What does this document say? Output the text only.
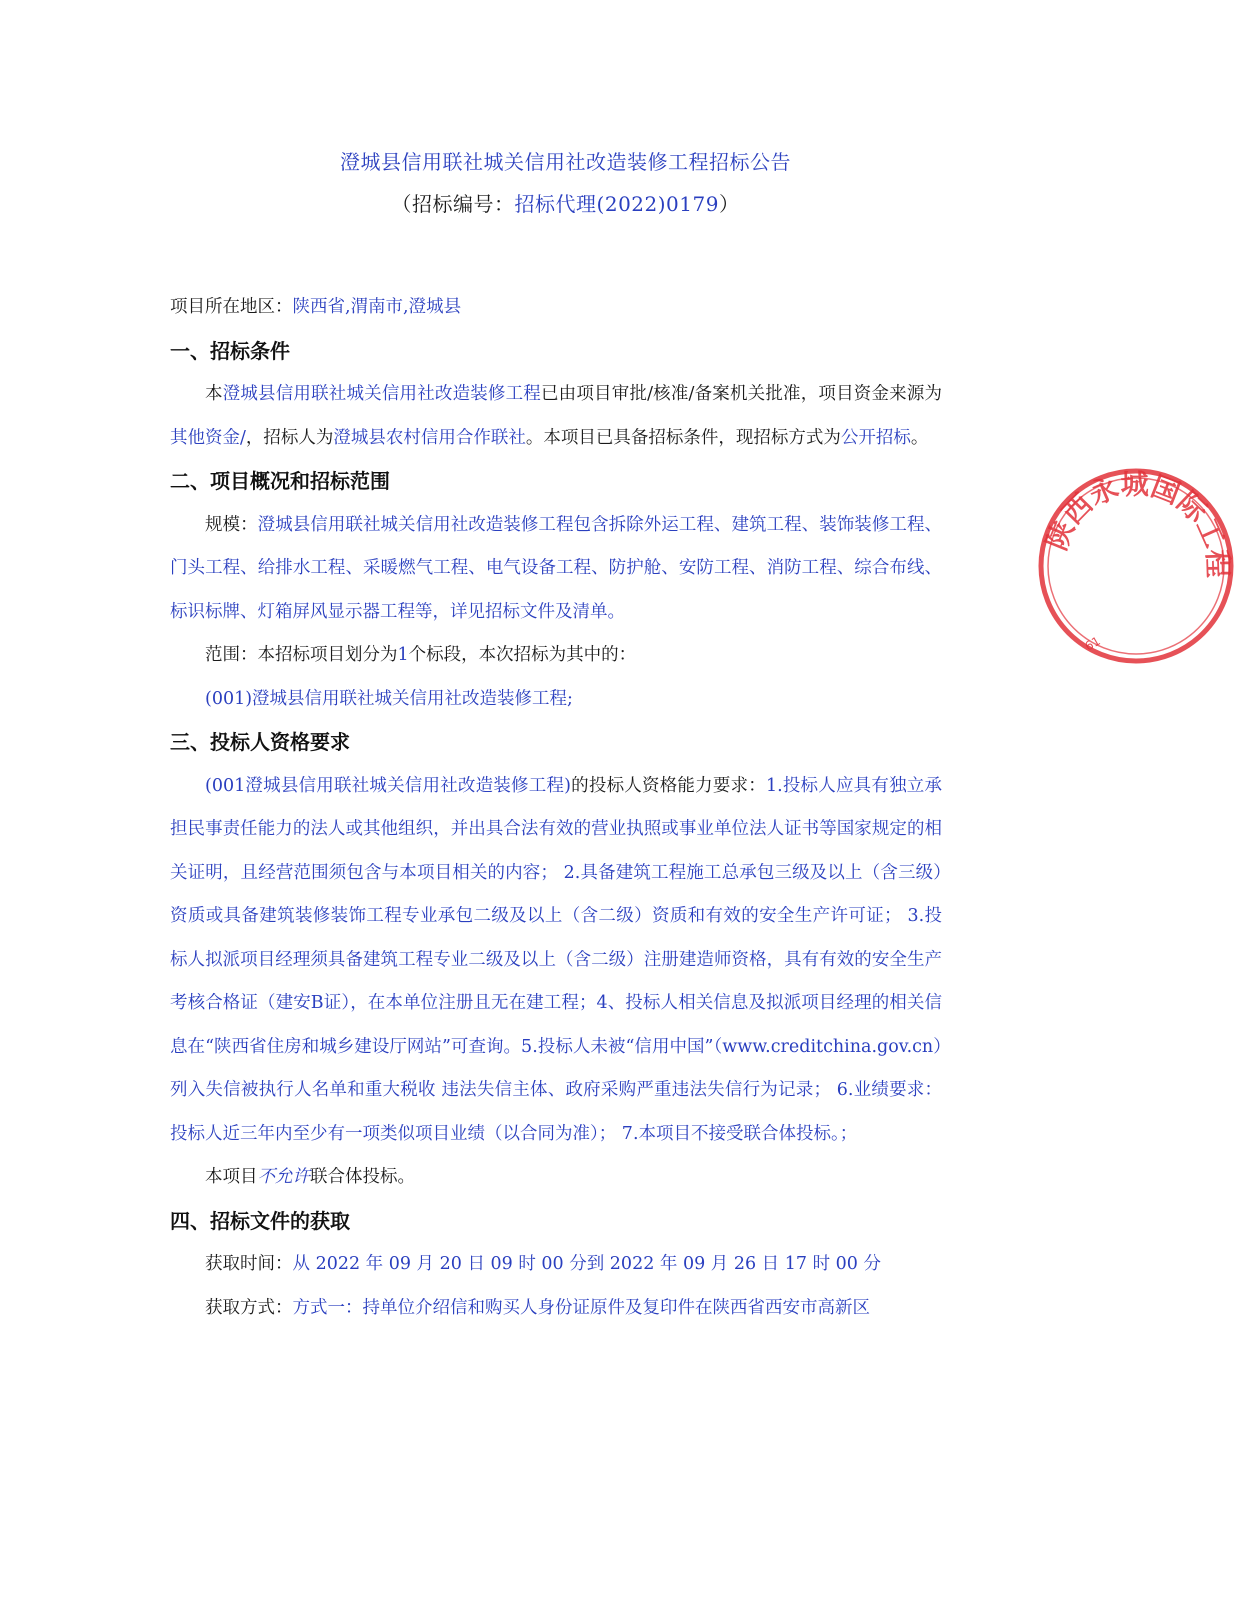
澄城县信用联社城关信用社改造装修工程招标公告
（招标编号：招标代理(2022)0179）

项目所在地区：陕西省,渭南市,澄城县

一、招标条件

本澄城县信用联社城关信用社改造装修工程已由项目审批/核准/备案机关批准，项目资金来源为其他资金/，招标人为澄城县农村信用合作联社。本项目已具备招标条件，现招标方式为公开招标。

二、项目概况和招标范围

规模：澄城县信用联社城关信用社改造装修工程包含拆除外运工程、建筑工程、装饰装修工程、门头工程、给排水工程、采暖燃气工程、电气设备工程、防护舱、安防工程、消防工程、综合布线、标识标牌、灯箱屏风显示器工程等，详见招标文件及清单。

范围：本招标项目划分为1个标段，本次招标为其中的：

(001)澄城县信用联社城关信用社改造装修工程;

三、投标人资格要求

(001澄城县信用联社城关信用社改造装修工程)的投标人资格能力要求：1.投标人应具有独立承担民事责任能力的法人或其他组织，并出具合法有效的营业执照或事业单位法人证书等国家规定的相关证明，且经营范围须包含与本项目相关的内容； 2.具备建筑工程施工总承包三级及以上（含三级）资质或具备建筑装修装饰工程专业承包二级及以上（含二级）资质和有效的安全生产许可证； 3.投标人拟派项目经理须具备建筑工程专业二级及以上（含二级）注册建造师资格，具有有效的安全生产考核合格证（建安B证），在本单位注册且无在建工程；4、投标人相关信息及拟派项目经理的相关信息在“陕西省住房和城乡建设厅网站”可查询。5.投标人未被“信用中国”（www.creditchina.gov.cn）列入失信被执行人名单和重大税收 违法失信主体、政府采购严重违法失信行为记录； 6.业绩要求：投标人近三年内至少有一项类似项目业绩（以合同为准）； 7.本项目不接受联合体投标。；

本项目不允许联合体投标。

四、招标文件的获取

获取时间：从 2022 年 09 月 20 日 09 时 00 分到 2022 年 09 月 26 日 17 时 00 分

获取方式：方式一：持单位介绍信和购买人身份证原件及复印件在陕西省西安市高新区

陕西永城国际工程
61
